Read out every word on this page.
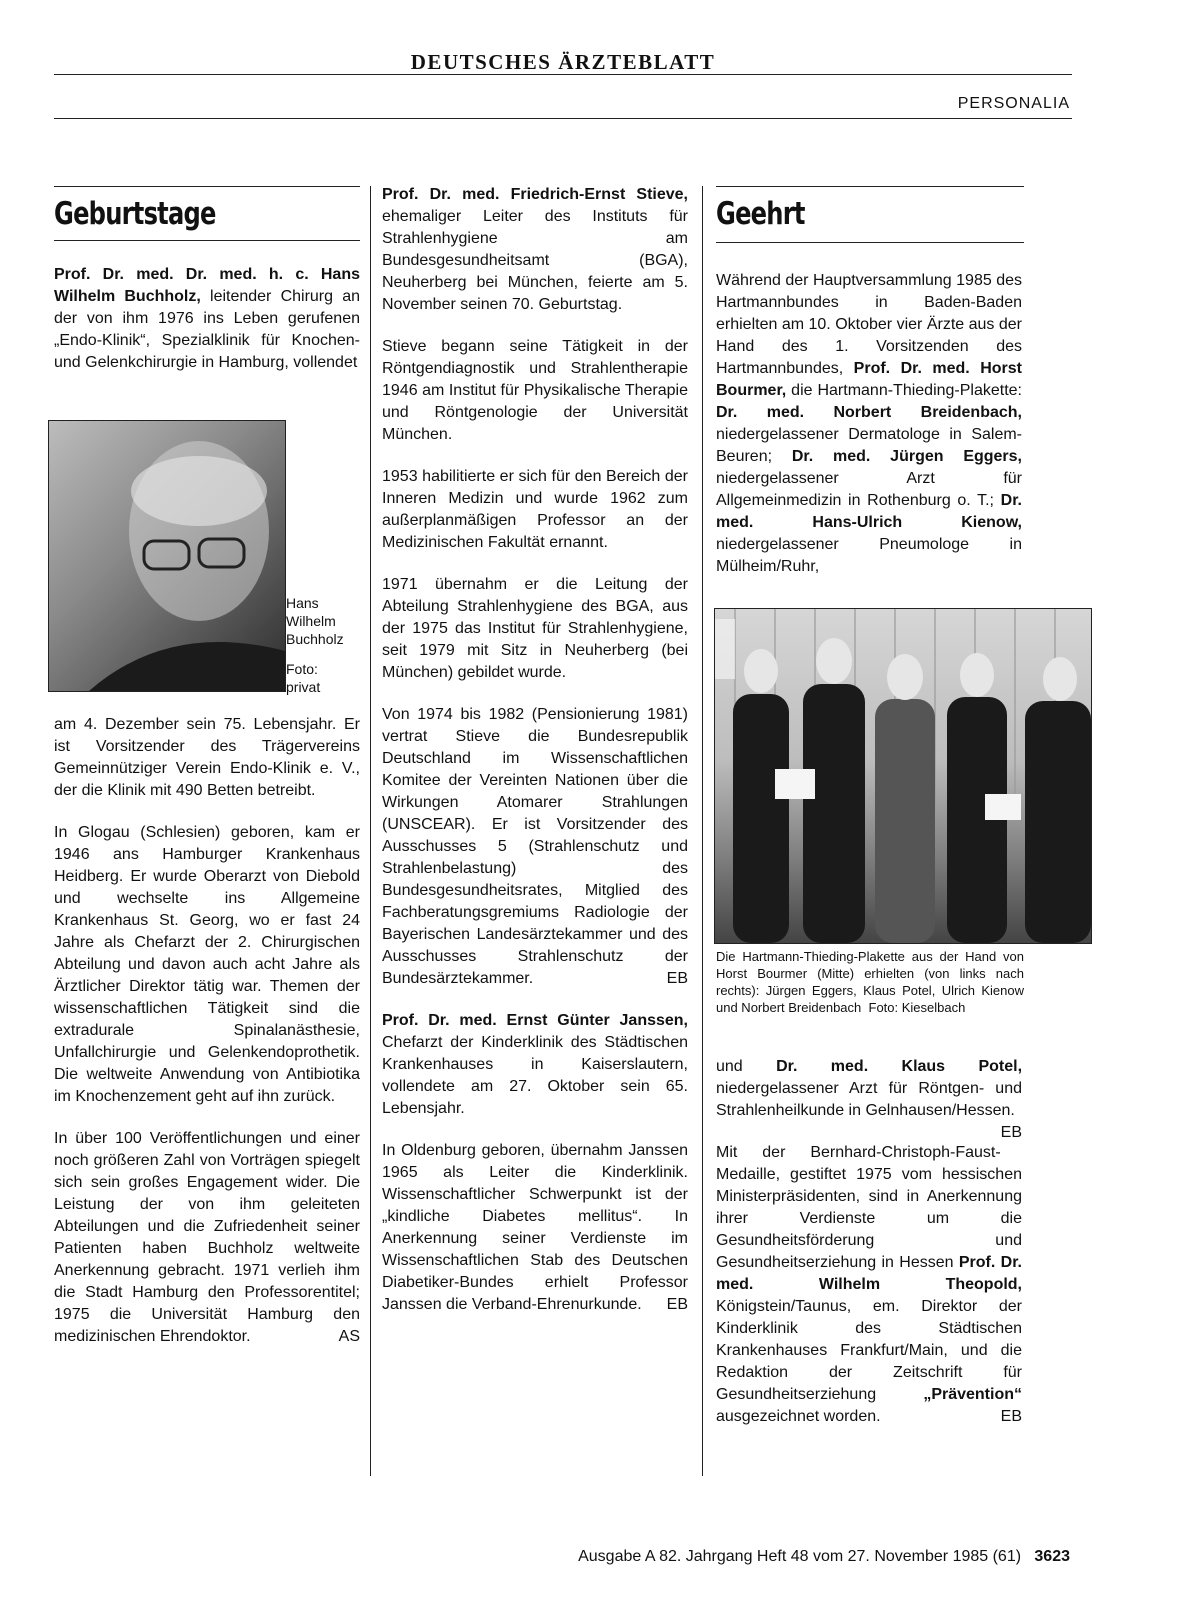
DEUTSCHES ÄRZTEBLATT
PERSONALIA
Geburtstage

Prof. Dr. med. Dr. med. h. c. Hans Wilhelm Buchholz, leitender Chirurg an der von ihm 1976 ins Leben gerufenen „Endo-Klinik“, Spezialklinik für Knochen- und Gelenkchirurgie in Hamburg, vollendet

Hans Wilhelm Buchholz
Foto: privat

am 4. Dezember sein 75. Lebensjahr. Er ist Vorsitzender des Trägervereins Gemeinnütziger Verein Endo-Klinik e. V., der die Klinik mit 490 Betten betreibt.

In Glogau (Schlesien) geboren, kam er 1946 ans Hamburger Krankenhaus Heidberg. Er wurde Oberarzt von Diebold und wechselte ins Allgemeine Krankenhaus St. Georg, wo er fast 24 Jahre als Chefarzt der 2. Chirurgischen Abteilung und davon auch acht Jahre als Ärztlicher Direktor tätig war. Themen der wissenschaftlichen Tätigkeit sind die extradurale Spinalanästhesie, Unfallchirurgie und Gelenkendoprothetik. Die weltweite Anwendung von Antibiotika im Knochenzement geht auf ihn zurück.

In über 100 Veröffentlichungen und einer noch größeren Zahl von Vorträgen spiegelt sich sein großes Engagement wider. Die Leistung der von ihm geleiteten Abteilungen und die Zufriedenheit seiner Patienten haben Buchholz weltweite Anerkennung gebracht. 1971 verlieh ihm die Stadt Hamburg den Professorentitel; 1975 die Universität Hamburg den medizinischen Ehrendoktor.	AS

Prof. Dr. med. Friedrich-Ernst Stieve, ehemaliger Leiter des Instituts für Strahlenhygiene am Bundesgesundheitsamt (BGA), Neuherberg bei München, feierte am 5. November seinen 70. Geburtstag.

Stieve begann seine Tätigkeit in der Röntgendiagnostik und Strahlentherapie 1946 am Institut für Physikalische Therapie und Röntgenologie der Universität München.

1953 habilitierte er sich für den Bereich der Inneren Medizin und wurde 1962 zum außerplanmäßigen Professor an der Medizinischen Fakultät ernannt.

1971 übernahm er die Leitung der Abteilung Strahlenhygiene des BGA, aus der 1975 das Institut für Strahlenhygiene, seit 1979 mit Sitz in Neuherberg (bei München) gebildet wurde.

Von 1974 bis 1982 (Pensionierung 1981) vertrat Stieve die Bundesrepublik Deutschland im Wissenschaftlichen Komitee der Vereinten Nationen über die Wirkungen Atomarer Strahlungen (UNSCEAR). Er ist Vorsitzender des Ausschusses 5 (Strahlenschutz und Strahlenbelastung) des Bundesgesundheitsrates, Mitglied des Fachberatungsgremiums Radiologie der Bayerischen Landesärztekammer und des Ausschusses Strahlenschutz der Bundesärztekammer.	EB

Prof. Dr. med. Ernst Günter Janssen, Chefarzt der Kinderklinik des Städtischen Krankenhauses in Kaiserslautern, vollendete am 27. Oktober sein 65. Lebensjahr.

In Oldenburg geboren, übernahm Janssen 1965 als Leiter die Kinderklinik. Wissenschaftlicher Schwerpunkt ist der „kindliche Diabetes mellitus“. In Anerkennung seiner Verdienste im Wissenschaftlichen Stab des Deutschen Diabetiker-Bundes erhielt Professor Janssen die Verband-Ehrenurkunde. EB

Geehrt

Während der Hauptversammlung 1985 des Hartmannbundes in Baden-Baden erhielten am 10. Oktober vier Ärzte aus der Hand des 1. Vorsitzenden des Hartmannbundes, Prof. Dr. med. Horst Bourmer, die Hartmann-Thieding-Plakette: Dr. med. Norbert Breidenbach, niedergelassener Dermatologe in Salem-Beuren; Dr. med. Jürgen Eggers, niedergelassener Arzt für Allgemeinmedizin in Rothenburg o. T.; Dr. med. Hans-Ulrich Kienow, niedergelassener Pneumologe in Mülheim/Ruhr,

Die Hartmann-Thieding-Plakette aus der Hand von Horst Bourmer (Mitte) erhielten (von links nach rechts): Jürgen Eggers, Klaus Potel, Ulrich Kienow und Norbert Breidenbach Foto: Kieselbach

und Dr. med. Klaus Potel, niedergelassener Arzt für Röntgen- und Strahlenheilkunde in Gelnhausen/Hessen.
EB

Mit der Bernhard-Christoph-Faust-Medaille, gestiftet 1975 vom hessischen Ministerpräsidenten, sind in Anerkennung ihrer Verdienste um die Gesundheitsförderung und Gesundheitserziehung in Hessen Prof. Dr. med. Wilhelm Theopold, Königstein/Taunus, em. Direktor der Kinderklinik des Städtischen Krankenhauses Frankfurt/Main, und die Redaktion der Zeitschrift für Gesundheitserziehung „Prävention“ ausgezeichnet worden.	EB

Ausgabe A 82. Jahrgang Heft 48 vom 27. November 1985 (61) 3623
